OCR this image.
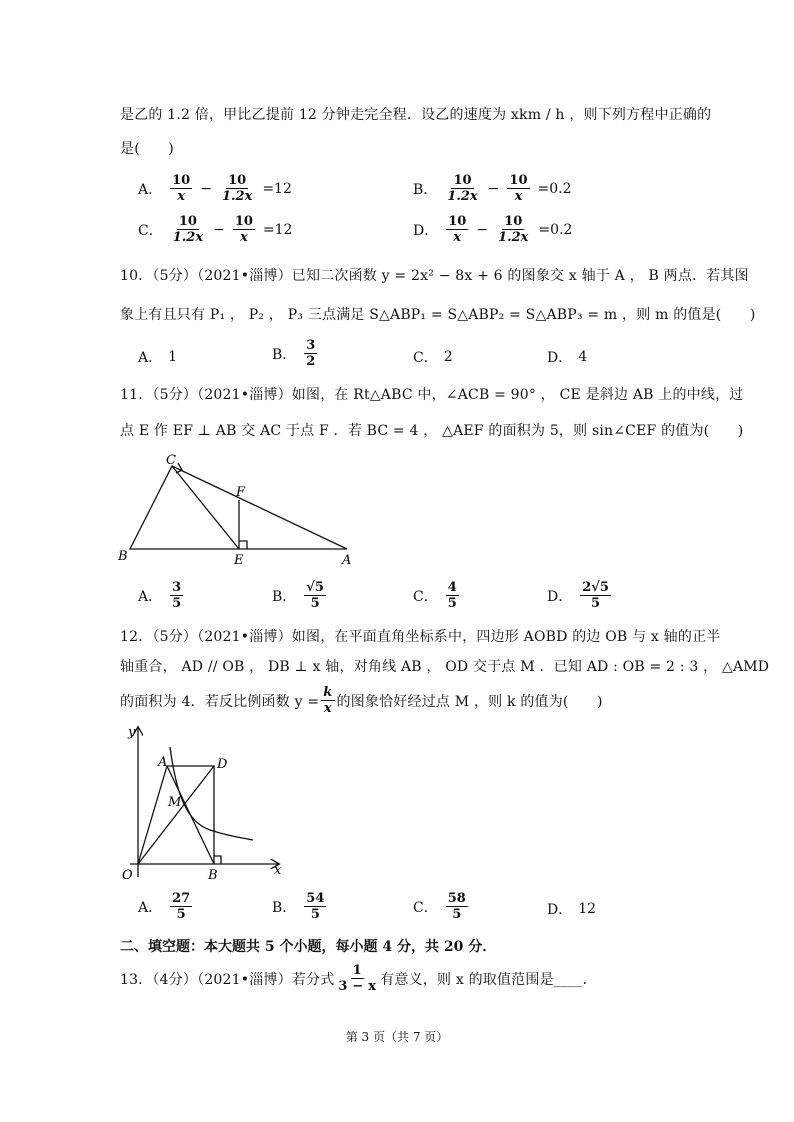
是乙的 1.2 倍，甲比乙提前 12 分钟走完全程．设乙的速度为 xkm / h ，则下列方程中正确的
是(　　)
A． $\frac{10}{x} - \frac{10}{1.2x} =12$	B． $\frac{10}{1.2x} - \frac{10}{x} =0.2$
C． $\frac{10}{1.2x} - \frac{10}{x} =12$	D． $\frac{10}{x} - \frac{10}{1.2x} =0.2$
10．（5分）（2021•淄博）已知二次函数 y = 2x² − 8x + 6 的图象交 x 轴于 A ， B 两点．若其图
象上有且只有 P₁ ， P₂ ， P₃ 三点满足 S△ABP₁ = S△ABP₂ = S△ABP₃ = m ，则 m 的值是(　　)
A． 1	B． $\frac{3}{2}$	C． 2	D． 4
11．（5分）（2021•淄博）如图，在 Rt△ABC 中，∠ACB = 90° ， CE 是斜边 AB 上的中线，过
点 E 作 EF ⊥ AB 交 AC 于点 F ．若 BC = 4 ， △AEF 的面积为 5，则 sin∠CEF 的值为(　　)
C
F
B	E	A
A． $\frac{3}{5}$	B． $\frac{√5}{5}$	C． $\frac{4}{5}$	D． $\frac{2√5}{5}$
12．（5分）（2021•淄博）如图，在平面直角坐标系中，四边形 AOBD 的边 OB 与 x 轴的正半
轴重合， AD // OB ， DB ⊥ x 轴，对角线 AB ， OD 交于点 M ．已知 AD : OB = 2 : 3 ， △AMD
的面积为 4．若反比例函数 $y = \frac{k}{x}$ 的图象恰好经过点 M ，则 k 的值为(　　)
y
x
O
A	D
M
B
A． $\frac{27}{5}$	B． $\frac{54}{5}$	C． $\frac{58}{5}$	D． 12
二、填空题：本大题共 5 个小题，每小题 4 分，共 20 分．
13．（4分）（2021•淄博）若分式 $\frac{1}{3 - x}$ 有意义，则 x 的取值范围是____．
第 3 页（共 7 页）
